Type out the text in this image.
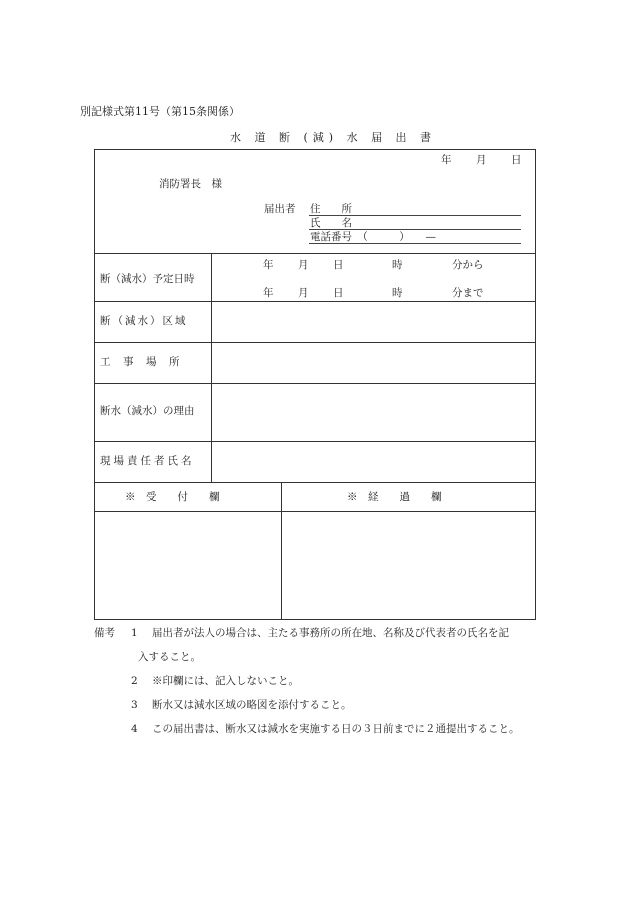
別記様式第11号（第15条関係）
水 道 断 (減) 水 届 出 書
年 月 日
消防署長　様
届出者 住　　所
氏　　名
電話番号　（　　　）　　—
断（減水）予定日時
年 月 日	時	分から
年 月 日	時	分まで
断（減水）区域
工　事　場　所
断水（減水）の理由
現場責任者氏名
※　受　　付　　欄	※　経　　過　　欄
備考 1 届出者が法人の場合は、主たる事務所の所在地、名称及び代表者の氏名を記
入すること。
2 ※印欄には、記入しないこと。
3 断水又は減水区域の略図を添付すること。
4 この届出書は、断水又は減水を実施する日の３日前までに２通提出すること。
